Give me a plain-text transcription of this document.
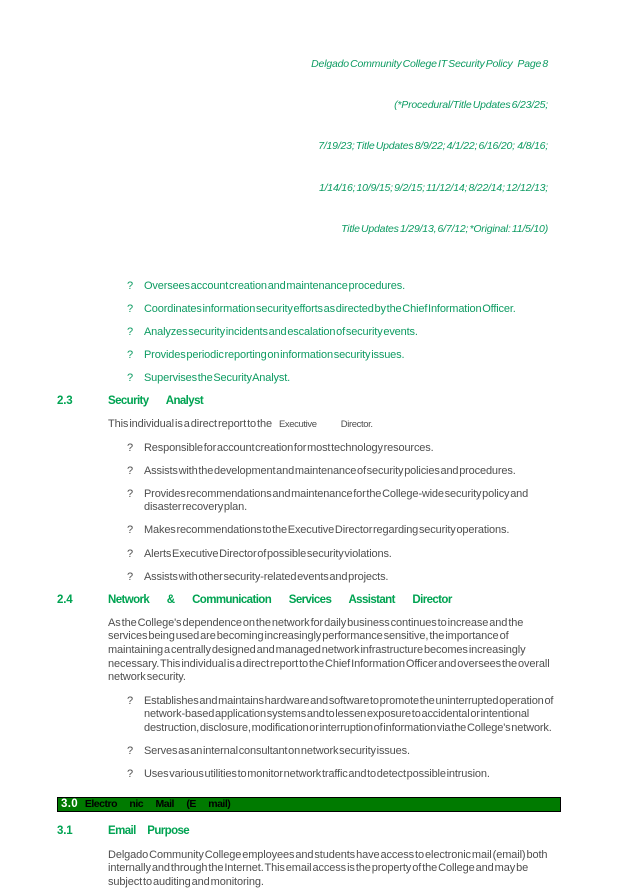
Delgado Community College IT Security Policy    Page 8

(*Procedural/Title Updates 6/23/25;

7/19/23; Title Updates 8/9/22; 4/1/22; 6/16/20;  4/8/16;

1/14/16; 10/9/15; 9/2/15; 11/12/14; 8/22/14; 12/12/13;

Title Updates 1/29/13, 6/7/12; *Original: 11/5/10)

? Oversees account creation and maintenance procedures.
? Coordinates information security efforts as directed by the Chief Information Officer.
? Analyzes security incidents and escalation of security events.
? Provides periodic reporting on information security issues.
? Supervises the Security Analyst.
2.3	Security Analyst

This individual is a direct report to the Executive Director.

? Responsible for account creation for most technology resources.
? Assists with the development and maintenance of security policies and procedures.
? Provides recommendations and maintenance for the College-wide security policy and disaster recovery plan.
? Makes recommendations to the Executive Director regarding security operations.
? Alerts Executive Director of possible security violations.
? Assists with other security-related events and projects.
2.4	Network & Communication Services Assistant Director

As the College's dependence on the network for daily business continues to increase and the services being used are becoming increasingly performance sensitive, the importance of maintaining a centrally designed and managed network infrastructure becomes increasingly necessary. This individual is a direct report to the Chief Information Officer and oversees the overall network security.

? Establishes and maintains hardware and software to promote the uninterrupted operation of network-based application systems and to lessen exposure to accidental or intentional destruction, disclosure, modification or interruption of information via the College's network.
? Serves as an internal consultant on network security issues.
? Uses various utilities to monitor network traffic and to detect possible intrusion.
3.0 Electro nic Mail (E mail)
3.1	Email Purpose

Delgado Community College employees and students have access to electronic mail (email) both internally and through the Internet. This email access is the property of the College and may be subject to auditing and monitoring.
